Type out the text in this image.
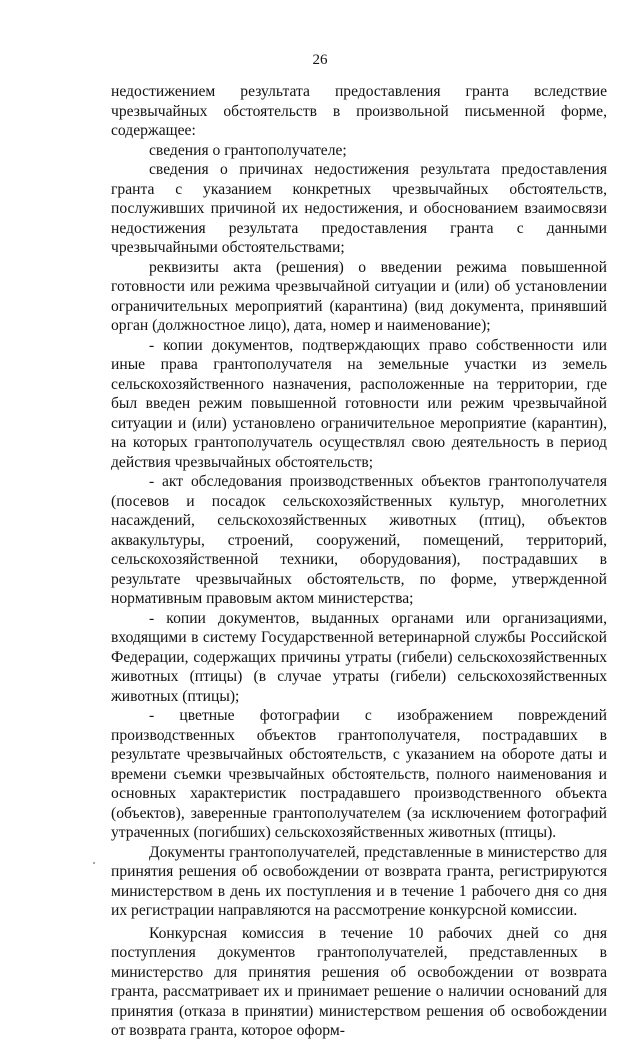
26

недостижением результата предоставления гранта вследствие чрезвычайных обстоятельств в произвольной письменной форме, содержащее:

сведения о грантополучателе;

сведения о причинах недостижения результата предоставления гранта с указанием конкретных чрезвычайных обстоятельств, послуживших причиной их недостижения, и обоснованием взаимосвязи недостижения результата предоставления гранта с данными чрезвычайными обстоятельствами;

реквизиты акта (решения) о введении режима повышенной готовности или режима чрезвычайной ситуации и (или) об установлении ограничительных мероприятий (карантина) (вид документа, принявший орган (должностное лицо), дата, номер и наименование);

- копии документов, подтверждающих право собственности или иные права грантополучателя на земельные участки из земель сельскохозяйственного назначения, расположенные на территории, где был введен режим повышенной готовности или режим чрезвычайной ситуации и (или) установлено ограничительное мероприятие (карантин), на которых грантополучатель осуществлял свою деятельность в период действия чрезвычайных обстоятельств;

- акт обследования производственных объектов грантополучателя (посевов и посадок сельскохозяйственных культур, многолетних насаждений, сельскохозяйственных животных (птиц), объектов аквакультуры, строений, сооружений, помещений, территорий, сельскохозяйственной техники, оборудования), пострадавших в результате чрезвычайных обстоятельств, по форме, утвержденной нормативным правовым актом министерства;

- копии документов, выданных органами или организациями, входящими в систему Государственной ветеринарной службы Российской Федерации, содержащих причины утраты (гибели) сельскохозяйственных животных (птицы) (в случае утраты (гибели) сельскохозяйственных животных (птицы);

- цветные фотографии с изображением повреждений производственных объектов грантополучателя, пострадавших в результате чрезвычайных обстоятельств, с указанием на обороте даты и времени съемки чрезвычайных обстоятельств, полного наименования и основных характеристик пострадавшего производственного объекта (объектов), заверенные грантополучателем (за исключением фотографий утраченных (погибших) сельскохозяйственных животных (птицы).

Документы грантополучателей, представленные в министерство для принятия решения об освобождении от возврата гранта, регистрируются министерством в день их поступления и в течение 1 рабочего дня со дня их регистрации направляются на рассмотрение конкурсной комиссии.

Конкурсная комиссия в течение 10 рабочих дней со дня поступления документов грантополучателей, представленных в министерство для принятия решения об освобождении от возврата гранта, рассматривает их и принимает решение о наличии оснований для принятия (отказа в принятии) министерством решения об освобождении от возврата гранта, которое оформ-
